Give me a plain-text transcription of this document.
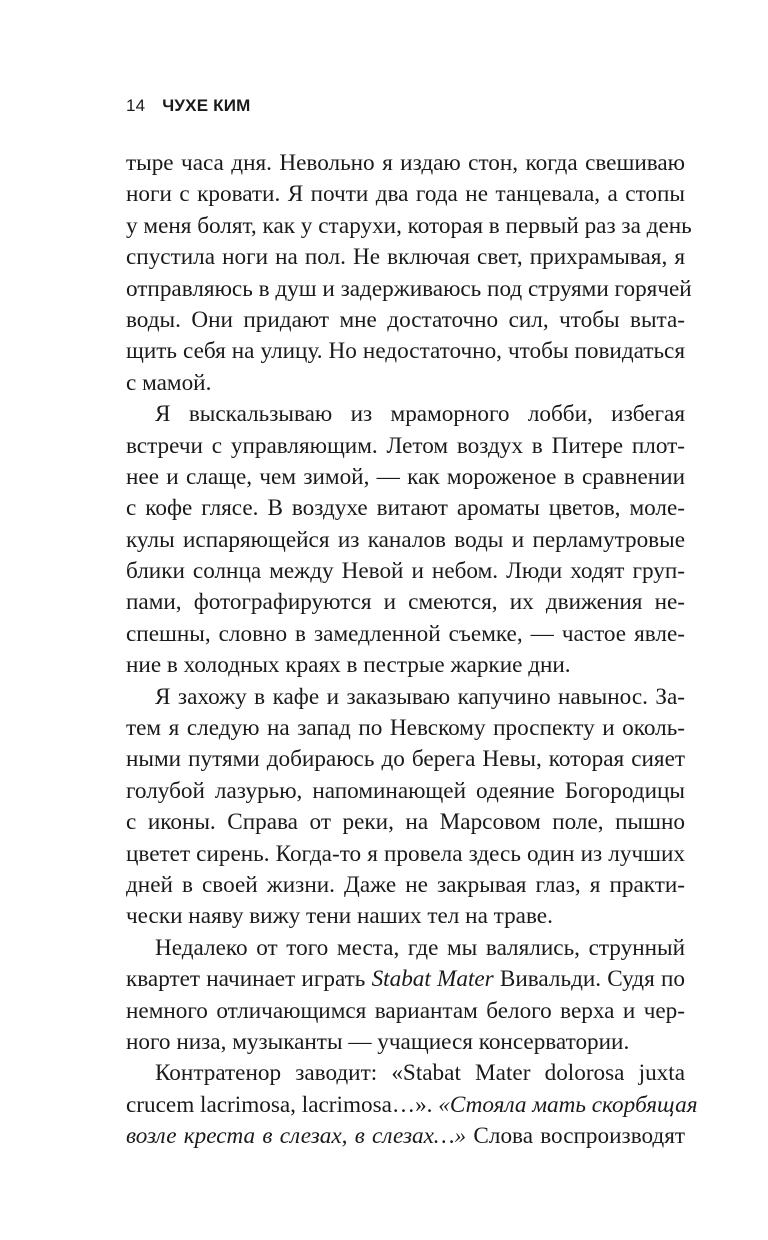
14 ЧУХЕ КИМ
тыре часа дня. Невольно я издаю стон, когда свешиваю
ноги с кровати. Я почти два года не танцевала, а стопы
у меня болят, как у старухи, которая в первый раз за день
спустила ноги на пол. Не включая свет, прихрамывая, я
отправляюсь в душ и задерживаюсь под струями горячей
воды. Они придают мне достаточно сил, чтобы выта-
щить себя на улицу. Но недостаточно, чтобы повидаться
с мамой.
Я выскальзываю из мраморного лобби, избегая
встречи с управляющим. Летом воздух в Питере плот-
нее и слаще, чем зимой, — как мороженое в сравнении
с кофе глясе. В воздухе витают ароматы цветов, моле-
кулы испаряющейся из каналов воды и перламутровые
блики солнца между Невой и небом. Люди ходят груп-
пами, фотографируются и смеются, их движения не-
спешны, словно в замедленной съемке, — частое явле-
ние в холодных краях в пестрые жаркие дни.
Я захожу в кафе и заказываю капучино навынос. За-
тем я следую на запад по Невскому проспекту и околь-
ными путями добираюсь до берега Невы, которая сияет
голубой лазурью, напоминающей одеяние Богородицы
с иконы. Справа от реки, на Марсовом поле, пышно
цветет сирень. Когда-то я провела здесь один из лучших
дней в своей жизни. Даже не закрывая глаз, я практи-
чески наяву вижу тени наших тел на траве.
Недалеко от того места, где мы валялись, струнный
квартет начинает играть Stabat Mater Вивальди. Судя по
немного отличающимся вариантам белого верха и чер-
ного низа, музыканты — учащиеся консерватории.
Контратенор заводит: «Stabat Mater dolorosa juxta
crucem lacrimosa, lacrimosa…». «Стояла мать скорбящая
возле креста в слезах, в слезах…» Слова воспроизводят
